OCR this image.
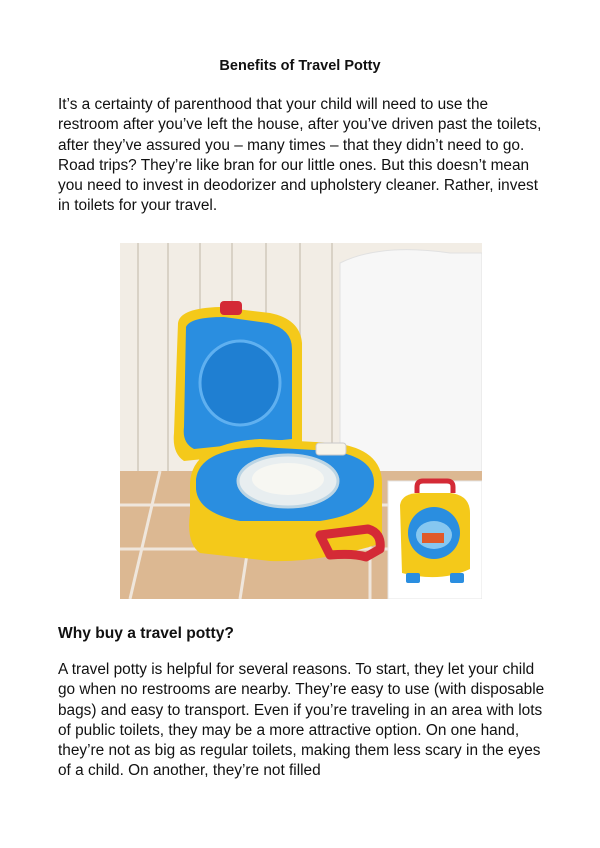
Benefits of Travel Potty

It’s a certainty of parenthood that your child will need to use the restroom after you’ve left the house, after you’ve driven past the toilets, after they’ve assured you – many times – that they didn’t need to go. Road trips? They’re like bran for our little ones. But this doesn’t mean you need to invest in deodorizer and upholstery cleaner. Rather, invest in toilets for your travel.

Why buy a travel potty?

A travel potty is helpful for several reasons. To start, they let your child go when no restrooms are nearby. They’re easy to use (with disposable bags) and easy to transport. Even if you’re traveling in an area with lots of public toilets, they may be a more attractive option. On one hand, they’re not as big as regular toilets, making them less scary in the eyes of a child. On another, they’re not filled
